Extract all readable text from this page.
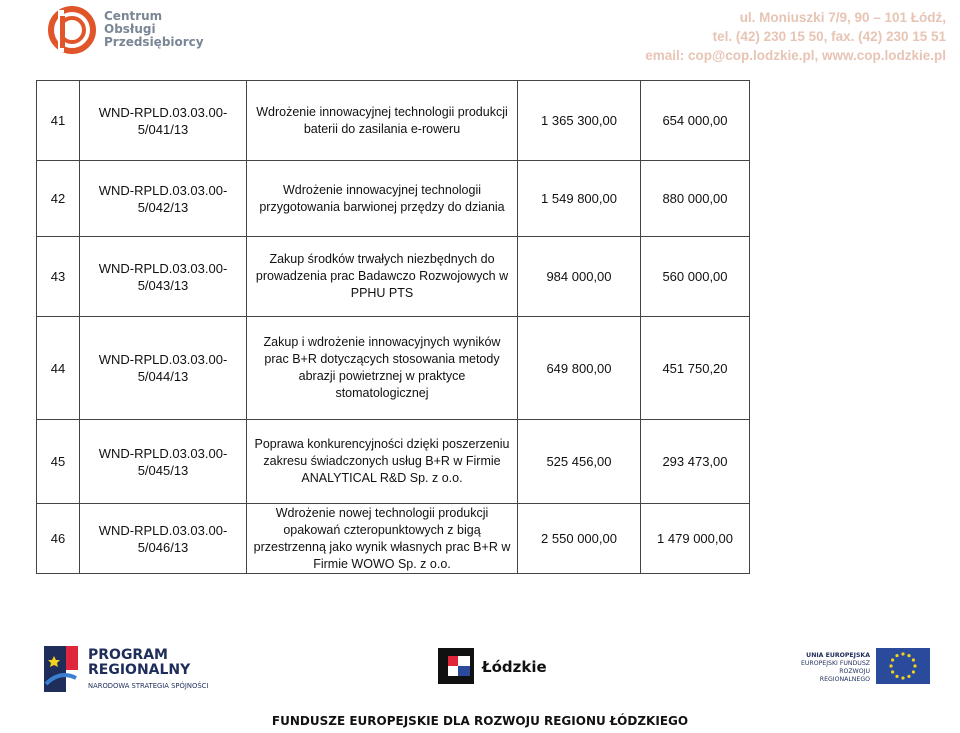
Centrum
Obsługi
Przedsiębiorcy
ul. Moniuszki 7/9, 90 – 101 Łódź,
tel. (42) 230 15 50, fax. (42) 230 15 51
email: cop@cop.lodzkie.pl, www.cop.lodzkie.pl
41	WND-RPLD.03.03.00-5/041/13	Wdrożenie innowacyjnej technologii produkcji baterii do zasilania e-roweru	1 365 300,00	654 000,00
42	WND-RPLD.03.03.00-5/042/13	Wdrożenie innowacyjnej technologii przygotowania barwionej przędzy do dziania	1 549 800,00	880 000,00
43	WND-RPLD.03.03.00-5/043/13	Zakup środków trwałych niezbędnych do prowadzenia prac Badawczo Rozwojowych w PPHU PTS	984 000,00	560 000,00
44	WND-RPLD.03.03.00-5/044/13	Zakup i wdrożenie innowacyjnych wyników prac B+R dotyczących stosowania metody abrazji powietrznej w praktyce stomatologicznej	649 800,00	451 750,20
45	WND-RPLD.03.03.00-5/045/13	Poprawa konkurencyjności dzięki poszerzeniu zakresu świadczonych usług B+R w Firmie ANALYTICAL R&D Sp. z o.o.	525 456,00	293 473,00
46	WND-RPLD.03.03.00-5/046/13	Wdrożenie nowej technologii produkcji opakowań czteropunktowych z bigą przestrzenną jako wynik własnych prac B+R w Firmie WOWO Sp. z o.o.	2 550 000,00	1 479 000,00
PROGRAM
REGIONALNY
NARODOWA STRATEGIA SPÓJNOŚCI
Łódzkie
UNIA EUROPEJSKA
EUROPEJSKI FUNDUSZ
ROZWOJU REGIONALNEGO
FUNDUSZE EUROPEJSKIE DLA ROZWOJU REGIONU ŁÓDZKIEGO
